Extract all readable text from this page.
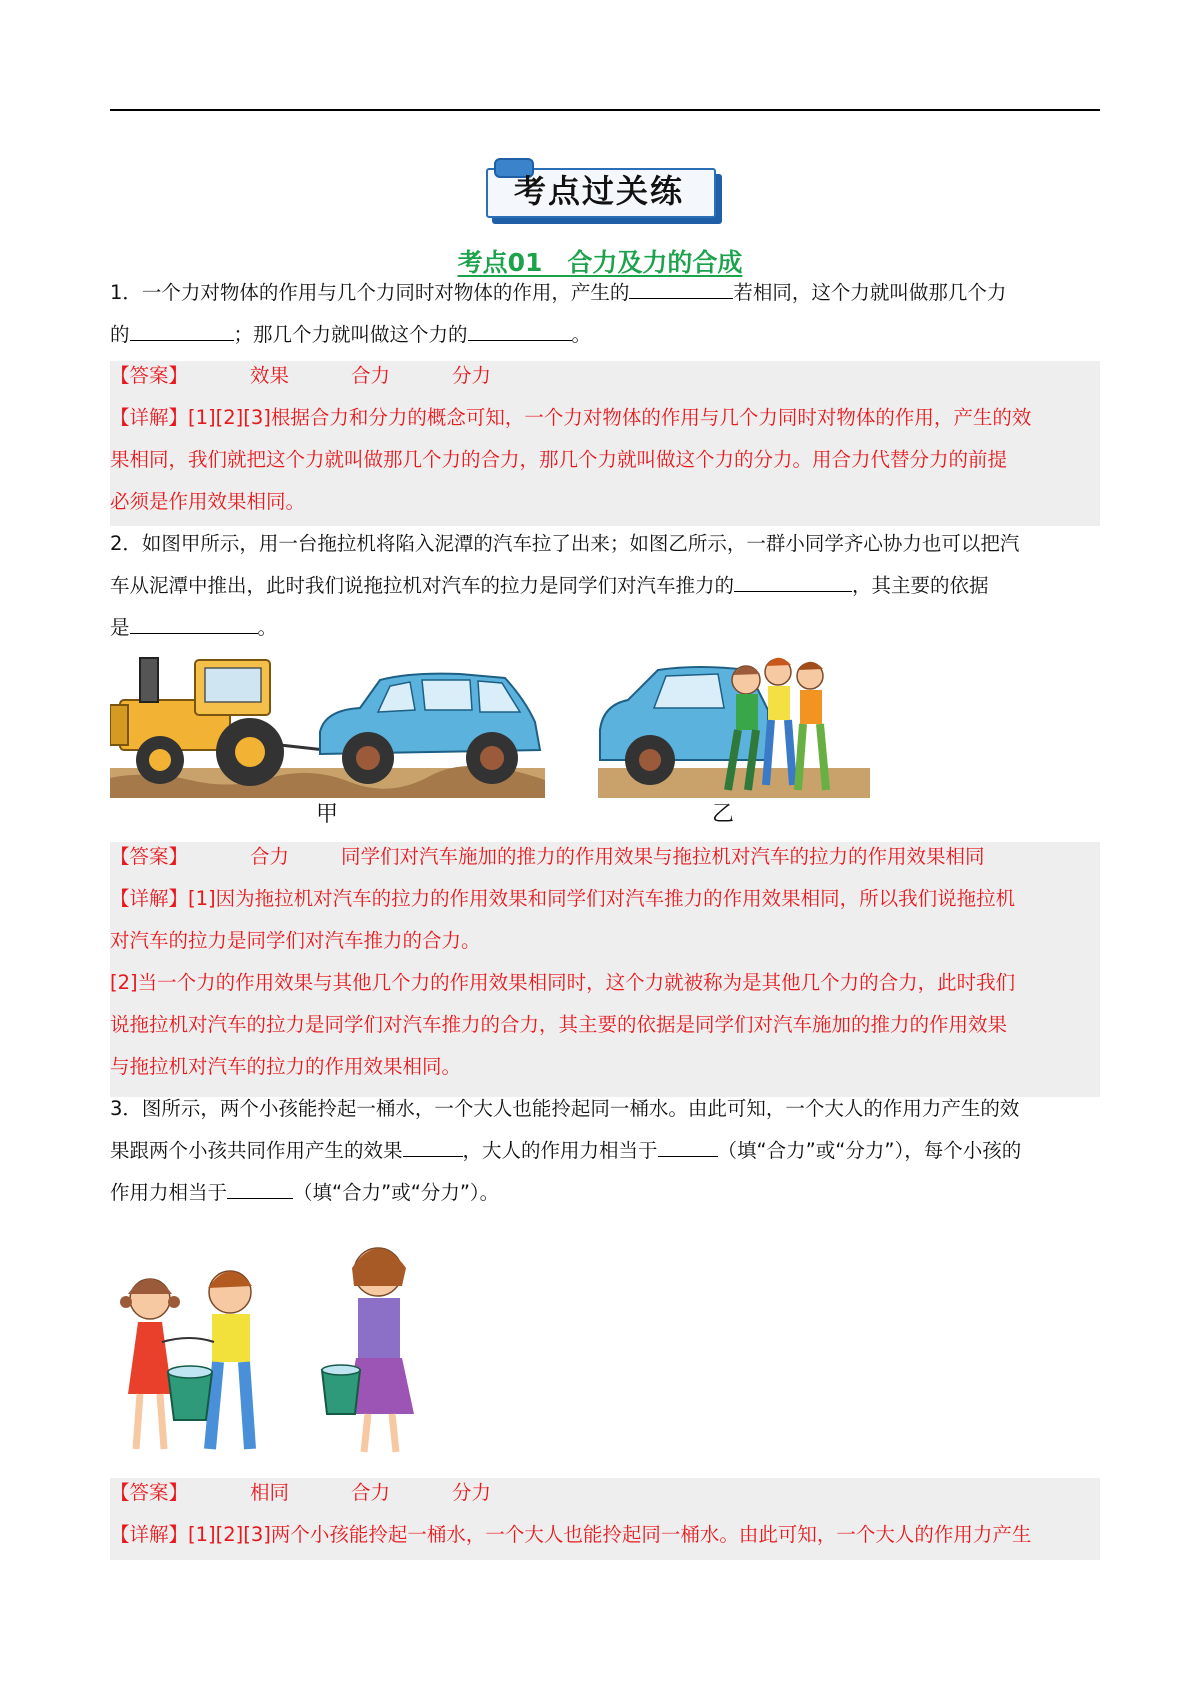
考点过关练
考点01　合力及力的合成
1．一个力对物体的作用与几个力同时对物体的作用，产生的	若相同，这个力就叫做那几个力
的	；那几个力就叫做这个力的	。
【答案】	效果	合力	分力
【详解】[1][2][3]根据合力和分力的概念可知，一个力对物体的作用与几个力同时对物体的作用，产生的效
果相同，我们就把这个力就叫做那几个力的合力，那几个力就叫做这个力的分力。用合力代替分力的前提
必须是作用效果相同。
2．如图甲所示，用一台拖拉机将陷入泥潭的汽车拉了出来；如图乙所示，一群小同学齐心协力也可以把汽
车从泥潭中推出，此时我们说拖拉机对汽车的拉力是同学们对汽车推力的	，其主要的依据
是	。
甲	乙
【答案】	合力	同学们对汽车施加的推力的作用效果与拖拉机对汽车的拉力的作用效果相同
【详解】[1]因为拖拉机对汽车的拉力的作用效果和同学们对汽车推力的作用效果相同，所以我们说拖拉机
对汽车的拉力是同学们对汽车推力的合力。
[2]当一个力的作用效果与其他几个力的作用效果相同时，这个力就被称为是其他几个力的合力，此时我们
说拖拉机对汽车的拉力是同学们对汽车推力的合力，其主要的依据是同学们对汽车施加的推力的作用效果
与拖拉机对汽车的拉力的作用效果相同。
3．图所示，两个小孩能拎起一桶水，一个大人也能拎起同一桶水。由此可知，一个大人的作用力产生的效
果跟两个小孩共同作用产生的效果	，大人的作用力相当于	（填“合力”或“分力”），每个小孩的
作用力相当于	（填“合力”或“分力”）。
【答案】	相同	合力	分力
【详解】[1][2][3]两个小孩能拎起一桶水，一个大人也能拎起同一桶水。由此可知，一个大人的作用力产生
